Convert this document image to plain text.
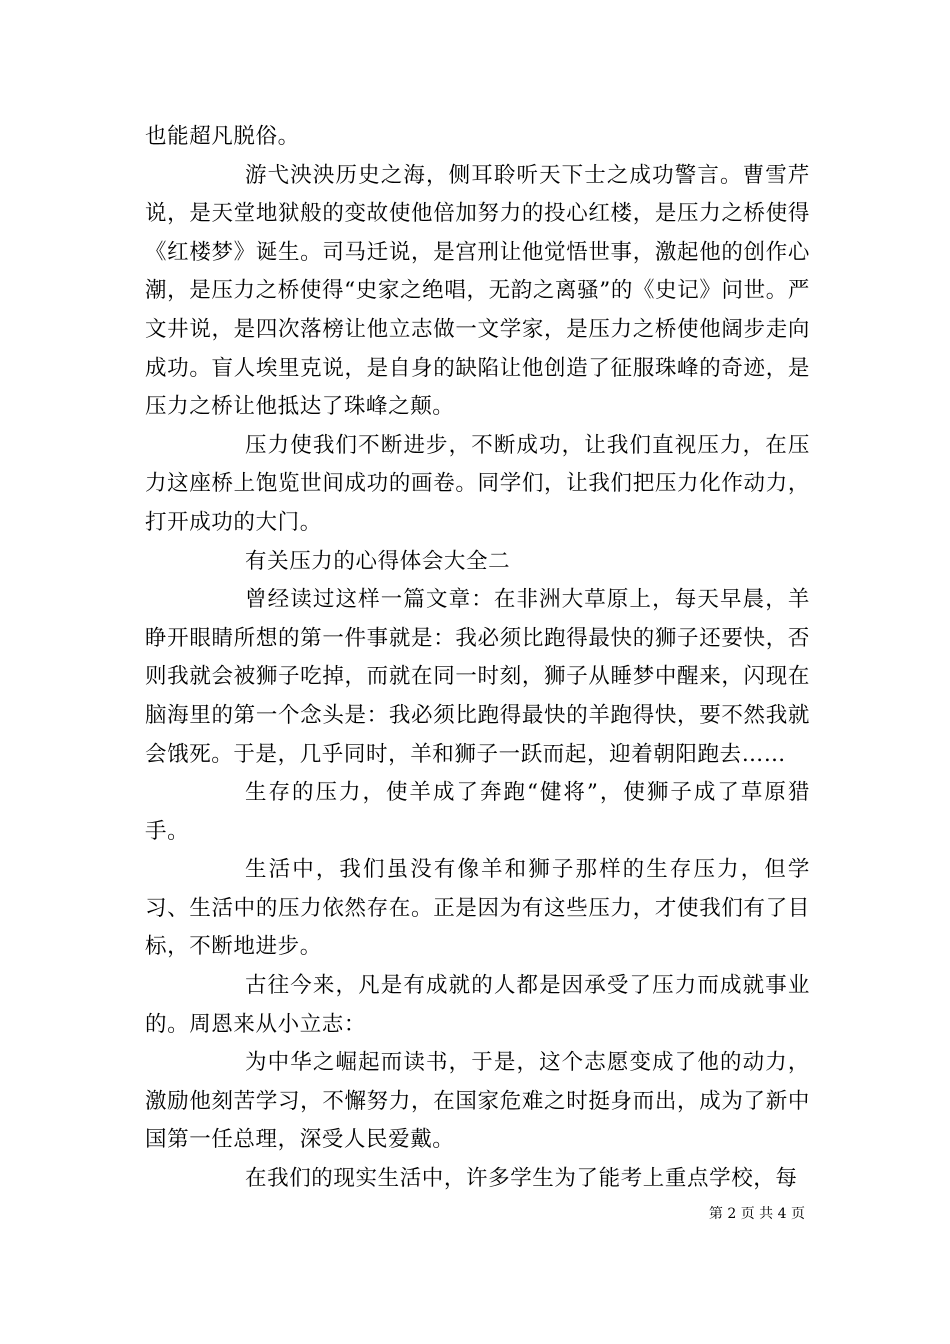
也能超凡脱俗。

游弋泱泱历史之海，侧耳聆听天下士之成功警言。曹雪芹说，是天堂地狱般的变故使他倍加努力的投心红楼，是压力之桥使得《红楼梦》诞生。司马迁说，是宫刑让他觉悟世事，激起他的创作心潮，是压力之桥使得“史家之绝唱，无韵之离骚”的《史记》问世。严文井说，是四次落榜让他立志做一文学家，是压力之桥使他阔步走向成功。盲人埃里克说，是自身的缺陷让他创造了征服珠峰的奇迹，是压力之桥让他抵达了珠峰之颠。

压力使我们不断进步，不断成功，让我们直视压力，在压力这座桥上饱览世间成功的画卷。同学们，让我们把压力化作动力，打开成功的大门。

有关压力的心得体会大全二

曾经读过这样一篇文章：在非洲大草原上，每天早晨，羊睁开眼睛所想的第一件事就是：我必须比跑得最快的狮子还要快，否则我就会被狮子吃掉，而就在同一时刻，狮子从睡梦中醒来，闪现在脑海里的第一个念头是：我必须比跑得最快的羊跑得快，要不然我就会饿死。于是，几乎同时，羊和狮子一跃而起，迎着朝阳跑去……

生存的压力，使羊成了奔跑“健将”，使狮子成了草原猎手。

生活中，我们虽没有像羊和狮子那样的生存压力，但学习、生活中的压力依然存在。正是因为有这些压力，才使我们有了目标，不断地进步。

古往今来，凡是有成就的人都是因承受了压力而成就事业的。周恩来从小立志：

为中华之崛起而读书，于是，这个志愿变成了他的动力，激励他刻苦学习，不懈努力，在国家危难之时挺身而出，成为了新中国第一任总理，深受人民爱戴。

在我们的现实生活中，许多学生为了能考上重点学校，每

第 2 页 共 4 页
